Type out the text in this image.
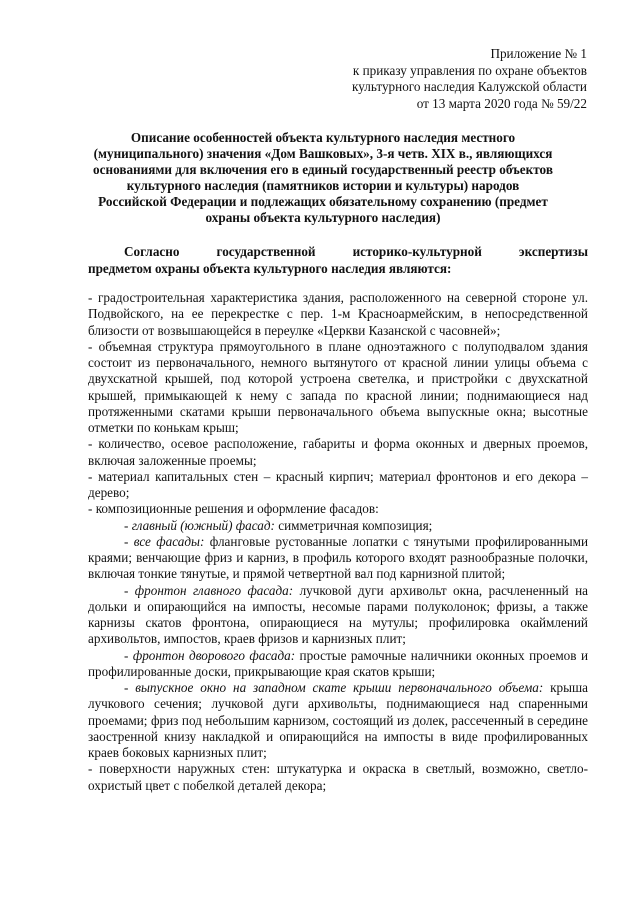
Приложение № 1
к приказу управления по охране объектов
культурного наследия Калужской области
от 13 марта 2020 года № 59/22
Описание особенностей объекта культурного наследия местного
(муниципального) значения «Дом Вашковых», 3-я четв. XIX в., являющихся
основаниями для включения его в единый государственный реестр объектов
культурного наследия (памятников истории и культуры) народов
Российской Федерации и подлежащих обязательному сохранению (предмет
охраны объекта культурного наследия)
Согласно государственной историко-культурной экспертизы
предметом охраны объекта культурного наследия являются:

- градостроительная характеристика здания, расположенного на северной стороне ул. Подвойского, на ее перекрестке с пер. 1-м Красноармейским, в непосредственной близости от возвышающейся в переулке «Церкви Казанской с часовней»;

- объемная структура прямоугольного в плане одноэтажного с полуподвалом здания состоит из первоначального, немного вытянутого от красной линии улицы объема с двухскатной крышей, под которой устроена светелка, и пристройки с двухскатной крышей, примыкающей к нему с запада по красной линии; поднимающиеся над протяженными скатами крыши первоначального объема выпускные окна; высотные отметки по конькам крыш;

- количество, осевое расположение, габариты и форма оконных и дверных проемов, включая заложенные проемы;

- материал капитальных стен – красный кирпич; материал фронтонов и его декора – дерево;

- композиционные решения и оформление фасадов:

- главный (южный) фасад: симметричная композиция;

- все фасады: фланговые рустованные лопатки с тянутыми профилированными краями; венчающие фриз и карниз, в профиль которого входят разнообразные полочки, включая тонкие тянутые, и прямой четвертной вал под карнизной плитой;

- фронтон главного фасада: лучковой дуги архивольт окна, расчлененный на дольки и опирающийся на импосты, несомые парами полуколонок; фризы, а также карнизы скатов фронтона, опирающиеся на мутулы; профилировка окаймлений архивольтов, импостов, краев фризов и карнизных плит;

- фронтон дворового фасада: простые рамочные наличники оконных проемов и профилированные доски, прикрывающие края скатов крыши;

- выпускное окно на западном скате крыши первоначального объема: крыша лучкового сечения; лучковой дуги архивольты, поднимающиеся над спаренными проемами; фриз под небольшим карнизом, состоящий из долек, рассеченный в середине заостренной книзу накладкой и опирающийся на импосты в виде профилированных краев боковых карнизных плит;

- поверхности наружных стен: штукатурка и окраска в светлый, возможно, светло-охристый цвет с побелкой деталей декора;
